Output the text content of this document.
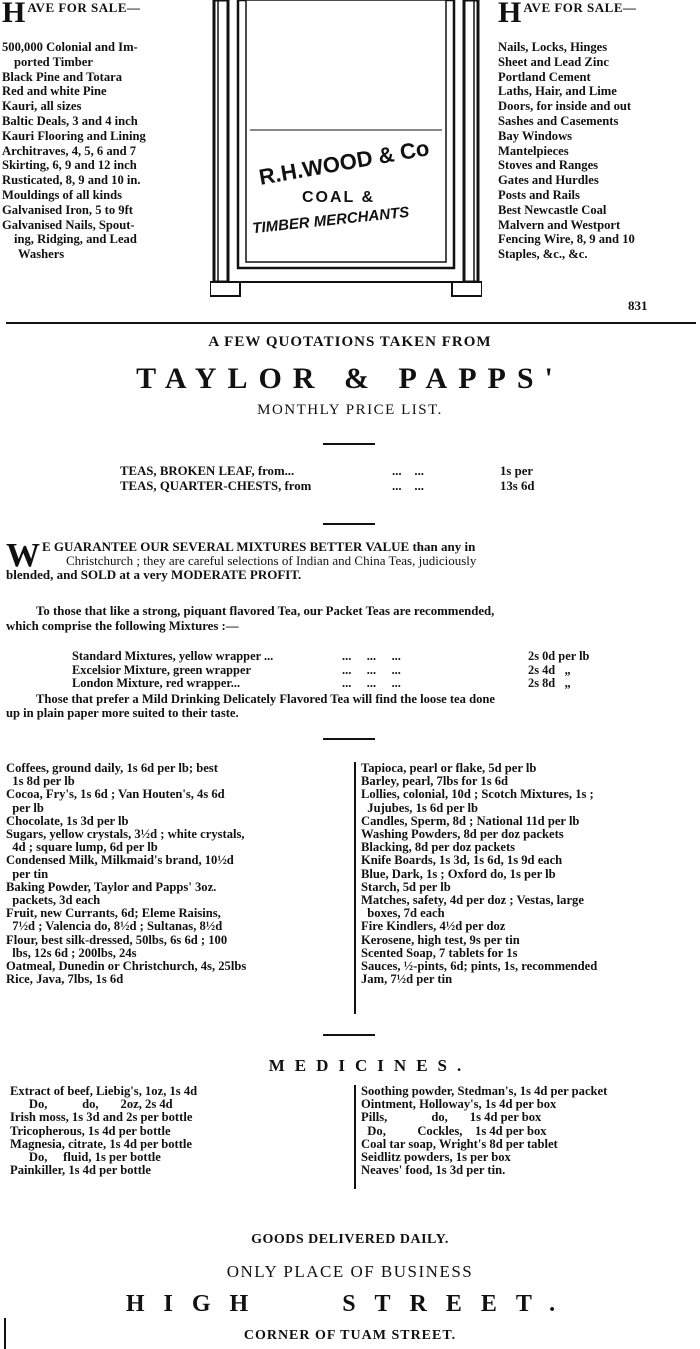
H $^{AVE FOR SALE—}$
500,000 Colonial and Im-
ported Timber
Black Pine and Totara
Red and white Pine
Kauri, all sizes
Baltic Deals, 3 and 4 inch
Kauri Flooring and Lining
Architraves, 4, 5, 6 and 7
Skirting, 6, 9 and 12 inch
Rusticated, 8, 9 and 10 in.
Mouldings of all kinds
Galvanised Iron, 5 to 9ft
Galvanised Nails, Spout-
ing, Ridging, and Lead
Washers
R.H.WOOD & Co
COAL &
TIMBER MERCHANTS
H $^{AVE FOR SALE—}$
Nails, Locks, Hinges
Sheet and Lead Zinc
Portland Cement
Laths, Hair, and Lime
Doors, for inside and out
Sashes and Casements
Bay Windows
Mantelpieces
Stoves and Ranges
Gates and Hurdles
Posts and Rails
Best Newcastle Coal
Malvern and Westport
Fencing Wire, 8, 9 and 10
Staples, &c., &c.
831
A FEW QUOTATIONS TAKEN FROM
TAYLOR & PAPPS'
MONTHLY PRICE LIST.
TEAS, BROKEN LEAF, from...	...    ...	1s per
TEAS, QUARTER-CHESTS, from	...    ...	13s 6d
W E GUARANTEE OUR SEVERAL MIXTURES BETTER VALUE than any in
Christchurch ; they are careful selections of Indian and China Teas, judiciously
blended, and SOLD at a very MODERATE PROFIT.
To those that like a strong, piquant flavored Tea, our Packet Teas are recommended,
which comprise the following Mixtures :—
Standard Mixtures, yellow wrapper ...	...     ...     ...	2s 0d per lb
Excelsior Mixture, green wrapper	...     ...     ...	2s 4d   „
London Mixture, red wrapper...	...     ...     ...	2s 8d   „
Those that prefer a Mild Drinking Delicately Flavored Tea will find the loose tea done
up in plain paper more suited to their taste.
Coffees, ground daily, 1s 6d per lb; best
1s 8d per lb
Cocoa, Fry's, 1s 6d ; Van Houten's, 4s 6d
per lb
Chocolate, 1s 3d per lb
Sugars, yellow crystals, 3½d ; white crystals,
4d ; square lump, 6d per lb
Condensed Milk, Milkmaid's brand, 10½d
per tin
Baking Powder, Taylor and Papps' 3oz.
packets, 3d each
Fruit, new Currants, 6d; Eleme Raisins,
7½d ; Valencia do, 8½d ; Sultanas, 8½d
Flour, best silk-dressed, 50lbs, 6s 6d ; 100
lbs, 12s 6d ; 200lbs, 24s
Oatmeal, Dunedin or Christchurch, 4s, 25lbs
Rice, Java, 7lbs, 1s 6d
Tapioca, pearl or flake, 5d per lb
Barley, pearl, 7lbs for 1s 6d
Lollies, colonial, 10d ; Scotch Mixtures, 1s ;
Jujubes, 1s 6d per lb
Candles, Sperm, 8d ; National 11d per lb
Washing Powders, 8d per doz packets
Blacking, 8d per doz packets
Knife Boards, 1s 3d, 1s 6d, 1s 9d each
Blue, Dark, 1s ; Oxford do, 1s per lb
Starch, 5d per lb
Matches, safety, 4d per doz ; Vestas, large
boxes, 7d each
Fire Kindlers, 4½d per doz
Kerosene, high test, 9s per tin
Scented Soap, 7 tablets for 1s
Sauces, ½-pints, 6d; pints, 1s, recommended
Jam, 7½d per tin
MEDICINES.
Extract of beef, Liebig's, 1oz, 1s 4d
Do,           do,       2oz, 2s 4d
Irish moss, 1s 3d and 2s per bottle
Tricopherous, 1s 4d per bottle
Magnesia, citrate, 1s 4d per bottle
Do,     fluid, 1s per bottle
Painkiller, 1s 4d per bottle
Soothing powder, Stedman's, 1s 4d per packet
Ointment, Holloway's, 1s 4d per box
Pills,              do,       1s 4d per box
Do,          Cockles,    1s 4d per box
Coal tar soap, Wright's 8d per tablet
Seidlitz powders, 1s per box
Neaves' food, 1s 3d per tin.
GOODS DELIVERED DAILY.
ONLY PLACE OF BUSINESS
HIGH   STREET.
CORNER OF TUAM STREET.
